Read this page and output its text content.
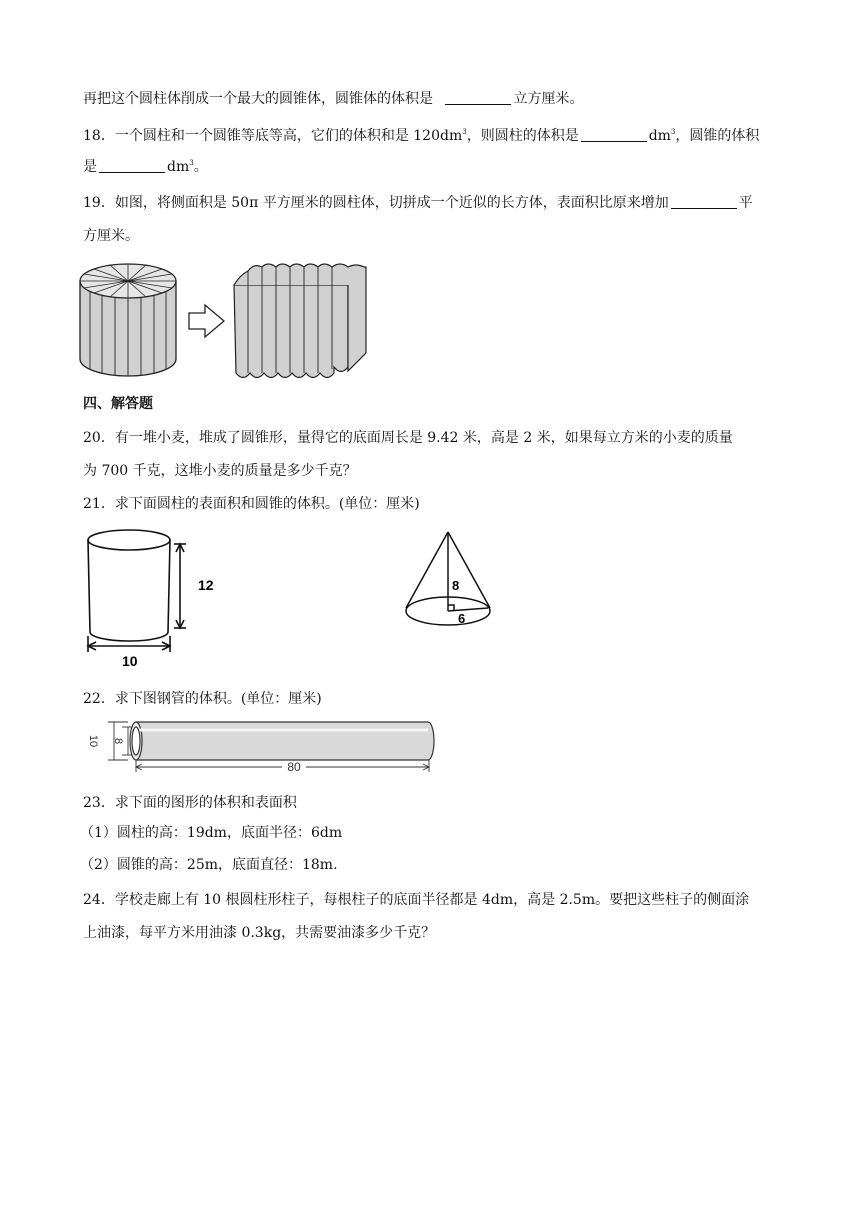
再把这个圆柱体削成一个最大的圆锥体，圆锥体的体积是	立方厘米。
18．一个圆柱和一个圆锥等底等高，它们的体积和是 $120dm^3$，则圆柱的体积是	$dm^3$，圆锥的体积
是	$dm^3$。
19．如图，将侧面积是 50π 平方厘米的圆柱体，切拼成一个近似的长方体，表面积比原来增加	平
方厘米。
四、解答题
20．有一堆小麦，堆成了圆锥形，量得它的底面周长是 9.42 米，高是 2 米，如果每立方米的小麦的质量
为 700 千克，这堆小麦的质量是多少千克？
21．求下面圆柱的表面积和圆锥的体积。(单位：厘米)
12
10
8
6
22．求下图钢管的体积。(单位：厘米)
10 8
80
23．求下面的图形的体积和表面积
（1）圆柱的高：19dm，底面半径：6dm
（2）圆锥的高：25m，底面直径：18m.
24．学校走廊上有 10 根圆柱形柱子，每根柱子的底面半径都是 4dm，高是 2.5m。要把这些柱子的侧面涂
上油漆，每平方米用油漆 0.3kg，共需要油漆多少千克？
